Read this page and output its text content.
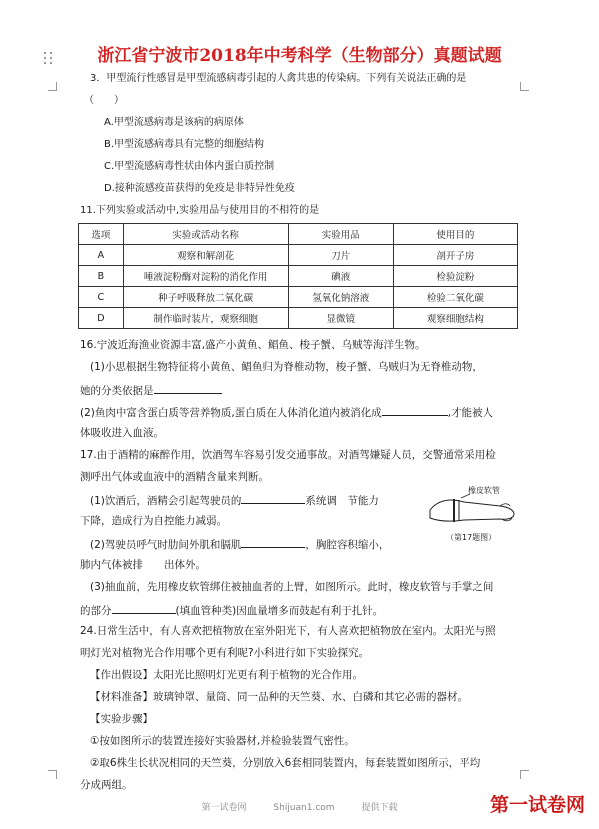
浙江省宁波市2018年中考科学（生物部分）真题试题
3．甲型流行性感冒是甲型流感病毒引起的人禽共患的传染病。下列有关说法正确的是
（　　）
A.甲型流感病毒是该病的病原体
B.甲型流感病毒具有完整的细胞结构
C.甲型流感病毒性状由体内蛋白质控制
D.接种流感疫苗获得的免疫是非特异性免疫
11.下列实验或活动中,实验用品与使用目的不相符的是
选项	实验或活动名称	实验用品	使用目的
A	观察和解剖花	刀片	剖开子房
B	唾液淀粉酶对淀粉的消化作用	碘液	检验淀粉
C	种子呼吸释放二氧化碳	氢氧化钠溶液	检验二氧化碳
D	制作临时装片，观察细胞	显微镜	观察细胞结构
16.宁波近海渔业资源丰富,盛产小黄鱼、鲳鱼、梭子蟹、乌贼等海洋生物。
(1)小思根据生物特征将小黄鱼、鲳鱼归为脊椎动物，梭子蟹、乌贼归为无脊椎动物，
她的分类依据是
(2)鱼肉中富含蛋白质等营养物质,蛋白质在人体消化道内被消化成	,才能被人
体吸收进入血液。
17.由于酒精的麻醉作用，饮酒驾车容易引发交通事故。对酒驾嫌疑人员，交警通常采用检
测呼出气体或血液中的酒精含量来判断。
(1)饮酒后，酒精会引起驾驶员的	系统调　节能力
下降，造成行为自控能力减弱。
(2)驾驶员呼气时肋间外肌和膈肌	，胸腔容积缩小，
肺内气体被排　　出体外。
橡皮软管
（第17题图）
(3)抽血前，先用橡皮软管绑住被抽血者的上臂，如图所示。此时，橡皮软管与手掌之间
的部分	(填血管种类)因血量增多而鼓起有利于扎针。
24.日常生活中，有人喜欢把植物放在室外阳光下，有人喜欢把植物放在室内。太阳光与照
明灯光对植物光合作用哪个更有利呢?小科进行如下实验探究。
【作出假设】太阳光比照明灯光更有利于植物的光合作用。
【材料准备】玻璃钟罩、量筒、同一品种的天竺葵、水、白磷和其它必需的器材。
【实验步骤】
①按如图所示的装置连接好实验器材,并检验装置气密性。
②取6株生长状况相同的天竺葵，分别放入6套相同装置内，每套装置如图所示，平均
分成两组。
第一试卷网	Shijuan1.com	提供下载	第一试卷网
